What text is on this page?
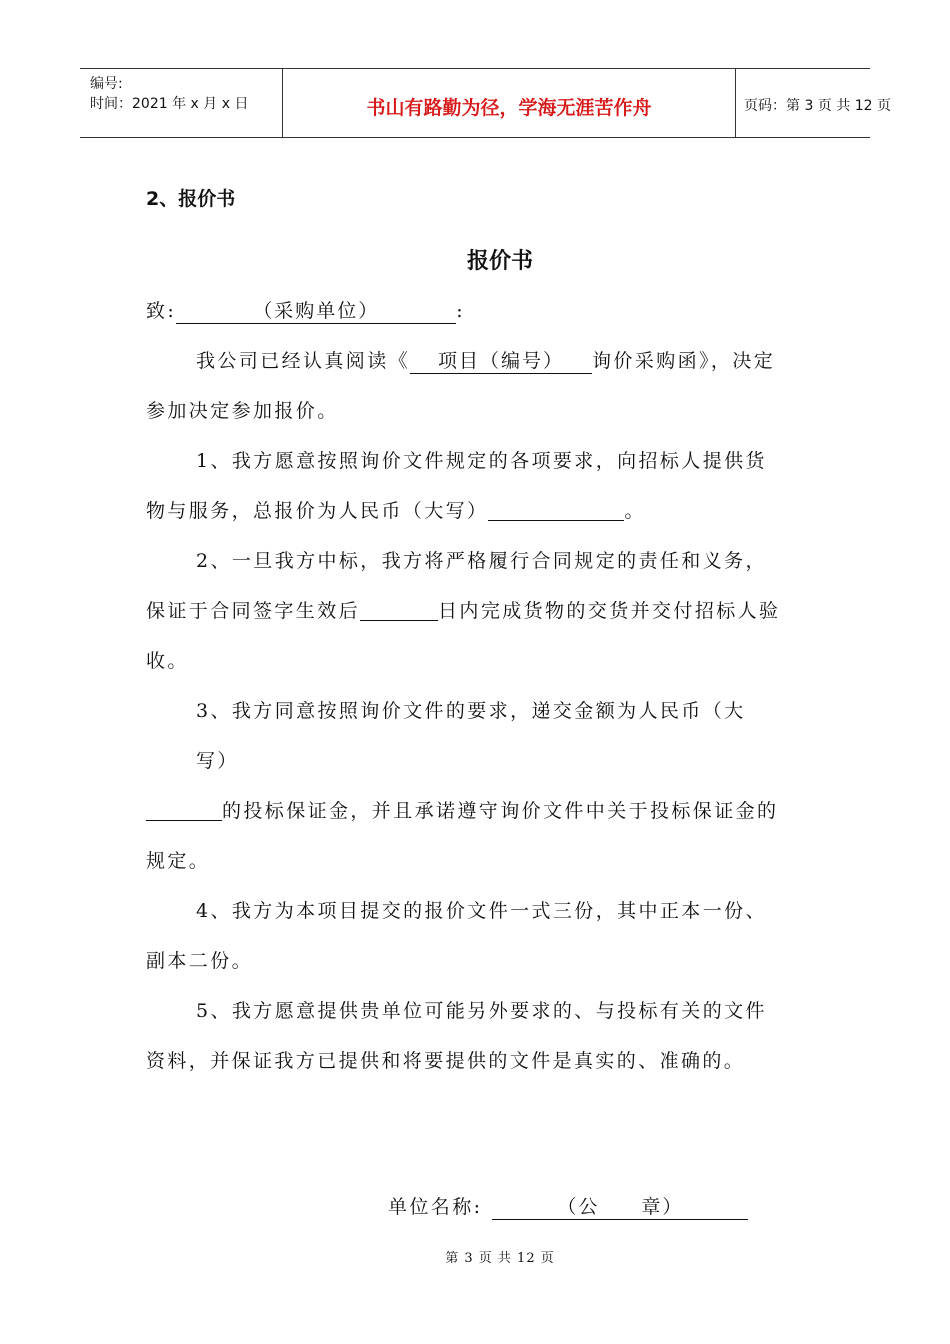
编号:
时间：2021 年 x 月 x 日	书山有路勤为径，学海无涯苦作舟	页码：第 3 页 共 12 页
2、报价书
报价书
致:	（采购单位）	:
我公司已经认真阅读《 项目（编号） 询价采购函》，决定
参加决定参加报价。
1、我方愿意按照询价文件规定的各项要求，向招标人提供货
物与服务，总报价为人民币（大写）	。
2、一旦我方中标，我方将严格履行合同规定的责任和义务，
保证于合同签字生效后	日内完成货物的交货并交付招标人验
收。
3、我方同意按照询价文件的要求，递交金额为人民币（大
写）
的投标保证金，并且承诺遵守询价文件中关于投标保证金的
规定。
4、我方为本项目提交的报价文件一式三份，其中正本一份、
副本二份。
5、我方愿意提供贵单位可能另外要求的、与投标有关的文件
资料，并保证我方已提供和将要提供的文件是真实的、准确的。
单位名称:	（公　　章）
第 3 页 共 12 页
